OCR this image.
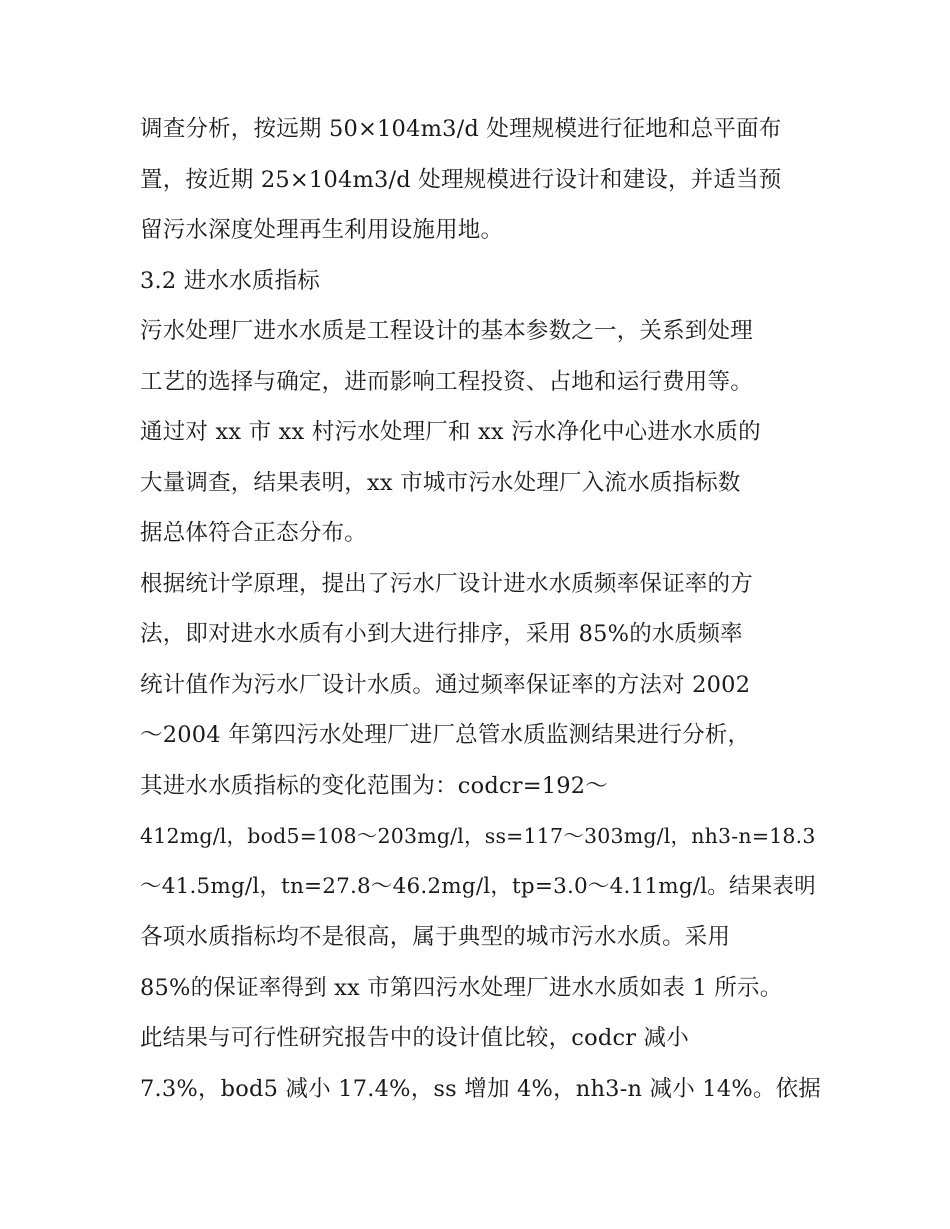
调查分析，按远期 50×104m3/d 处理规模进行征地和总平面布
置，按近期 25×104m3/d 处理规模进行设计和建设，并适当预
留污水深度处理再生利用设施用地。
3.2 进水水质指标
污水处理厂进水水质是工程设计的基本参数之一，关系到处理
工艺的选择与确定，进而影响工程投资、占地和运行费用等。
通过对 xx 市 xx 村污水处理厂和 xx 污水净化中心进水水质的
大量调查，结果表明，xx 市城市污水处理厂入流水质指标数
据总体符合正态分布。
根据统计学原理，提出了污水厂设计进水水质频率保证率的方
法，即对进水水质有小到大进行排序，采用 85%的水质频率
统计值作为污水厂设计水质。通过频率保证率的方法对 2002
～2004 年第四污水处理厂进厂总管水质监测结果进行分析，
其进水水质指标的变化范围为：codcr=192～
412mg/l，bod5=108～203mg/l，ss=117～303mg/l，nh3-n=18.3
～41.5mg/l，tn=27.8～46.2mg/l，tp=3.0～4.11mg/l。结果表明
各项水质指标均不是很高，属于典型的城市污水水质。采用
85%的保证率得到 xx 市第四污水处理厂进水水质如表 1 所示。
此结果与可行性研究报告中的设计值比较，codcr 减小
7.3%，bod5 减小 17.4%，ss 增加 4%，nh3-n 减小 14%。依据
